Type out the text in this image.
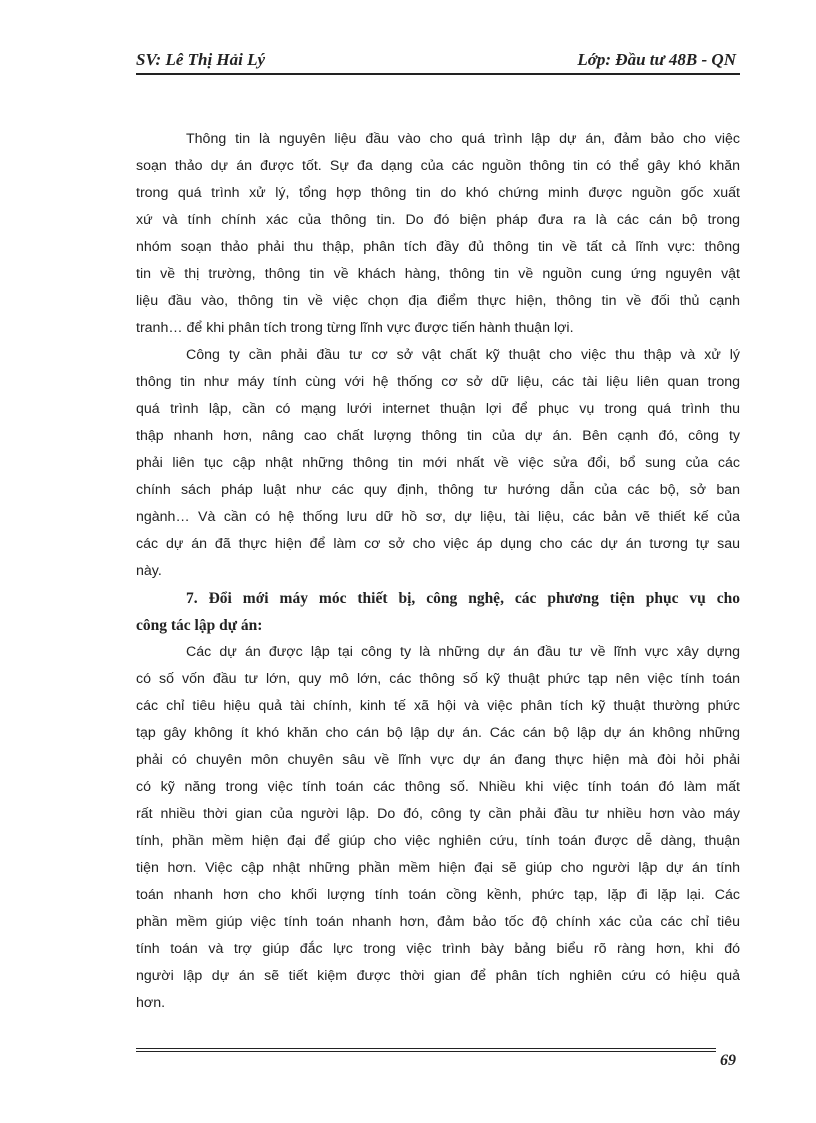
SV: Lê Thị Hải Lý	Lớp: Đầu tư 48B - QN
Thông tin là nguyên liệu đầu vào cho quá trình lập dự án, đảm bảo cho việc
soạn thảo dự án được tốt. Sự đa dạng của các nguồn thông tin có thể gây khó khăn
trong quá trình xử lý, tổng hợp thông tin do khó chứng minh được nguồn gốc xuất
xứ và tính chính xác của thông tin. Do đó biện pháp đưa ra là các cán bộ trong
nhóm soạn thảo phải thu thập, phân tích đầy đủ thông tin về tất cả lĩnh vực: thông
tin về thị trường, thông tin về khách hàng, thông tin về nguồn cung ứng nguyên vật
liệu đầu vào, thông tin về việc chọn địa điểm thực hiện, thông tin về đối thủ cạnh
tranh… để khi phân tích trong từng lĩnh vực được tiến hành thuận lợi.
Công ty cần phải đầu tư cơ sở vật chất kỹ thuật cho việc thu thập và xử lý
thông tin như máy tính cùng với hệ thống cơ sở dữ liệu, các tài liệu liên quan trong
quá trình lập, cần có mạng lưới internet thuận lợi để phục vụ trong quá trình thu
thập nhanh hơn, nâng cao chất lượng thông tin của dự án. Bên cạnh đó, công ty
phải liên tục cập nhật những thông tin mới nhất về việc sửa đổi, bổ sung của các
chính sách pháp luật như các quy định, thông tư hướng dẫn của các bộ, sở ban
ngành… Và cần có hệ thống lưu dữ hồ sơ, dự liệu, tài liệu, các bản vẽ thiết kế của
các dự án đã thực hiện để làm cơ sở cho việc áp dụng cho các dự án tương tự sau
này.
7. Đổi mới máy móc thiết bị, công nghệ, các phương tiện phục vụ cho
công tác lập dự án:
Các dự án được lập tại công ty là những dự án đầu tư về lĩnh vực xây dựng
có số vốn đầu tư lớn, quy mô lớn, các thông số kỹ thuật phức tạp nên việc tính toán
các chỉ tiêu hiệu quả tài chính, kinh tế xã hội và việc phân tích kỹ thuật thường phức
tạp gây không ít khó khăn cho cán bộ lập dự án. Các cán bộ lập dự án không những
phải có chuyên môn chuyên sâu về lĩnh vực dự án đang thực hiện mà đòi hỏi phải
có kỹ năng trong việc tính toán các thông số. Nhiều khi việc tính toán đó làm mất
rất nhiều thời gian của người lập. Do đó, công ty cần phải đầu tư nhiều hơn vào máy
tính, phần mềm hiện đại để giúp cho việc nghiên cứu, tính toán được dễ dàng, thuận
tiện hơn. Việc cập nhật những phần mềm hiện đại sẽ giúp cho người lập dự án tính
toán nhanh hơn cho khối lượng tính toán cồng kềnh, phức tạp, lặp đi lặp lại. Các
phần mềm giúp việc tính toán nhanh hơn, đảm bảo tốc độ chính xác của các chỉ tiêu
tính toán và trợ giúp đắc lực trong việc trình bày bảng biểu rõ ràng hơn, khi đó
người lập dự án sẽ tiết kiệm được thời gian để phân tích nghiên cứu có hiệu quả
hơn.
69
